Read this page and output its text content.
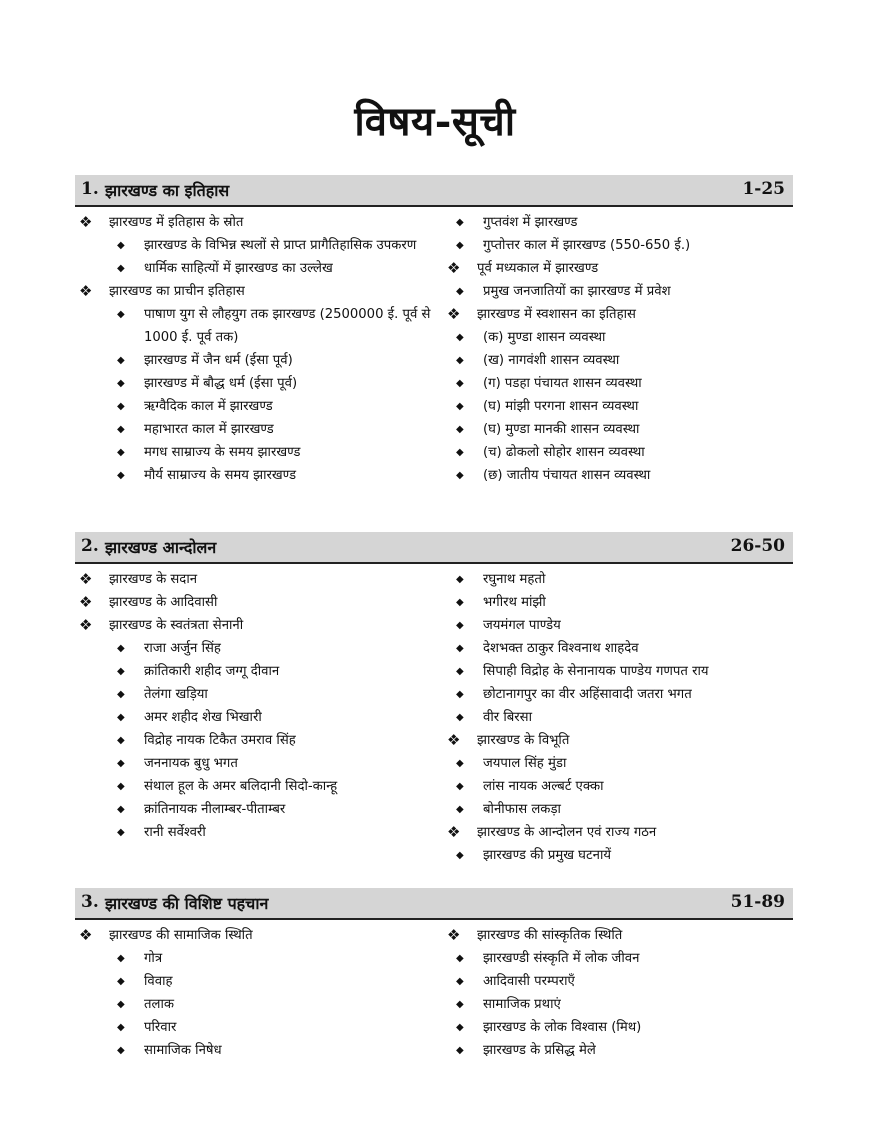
विषय-सूची
1. झारखण्ड का इतिहास	1-25
❖ झारखण्ड में इतिहास के स्रोत
◆ झारखण्ड के विभिन्न स्थलों से प्राप्त प्रागैतिहासिक उपकरण
◆ धार्मिक साहित्यों में झारखण्ड का उल्लेख
❖ झारखण्ड का प्राचीन इतिहास
◆ पाषाण युग से लौहयुग तक झारखण्ड (2500000 ई. पूर्व से 1000 ई. पूर्व तक)
◆ झारखण्ड में जैन धर्म (ईसा पूर्व)
◆ झारखण्ड में बौद्ध धर्म (ईसा पूर्व)
◆ ऋग्वैदिक काल में झारखण्ड
◆ महाभारत काल में झारखण्ड
◆ मगध साम्राज्य के समय झारखण्ड
◆ मौर्य साम्राज्य के समय झारखण्ड
◆ गुप्तवंश में झारखण्ड
◆ गुप्तोत्तर काल में झारखण्ड (550-650 ई.)
❖ पूर्व मध्यकाल में झारखण्ड
◆ प्रमुख जनजातियों का झारखण्ड में प्रवेश
❖ झारखण्ड में स्वशासन का इतिहास
◆ (क) मुण्डा शासन व्यवस्था
◆ (ख) नागवंशी शासन व्यवस्था
◆ (ग) पडहा पंचायत शासन व्यवस्था
◆ (घ) मांझी परगना शासन व्यवस्था
◆ (घ) मुण्डा मानकी शासन व्यवस्था
◆ (च) ढोकलो सोहोर शासन व्यवस्था
◆ (छ) जातीय पंचायत शासन व्यवस्था
2. झारखण्ड आन्दोलन	26-50
❖ झारखण्ड के सदान
❖ झारखण्ड के आदिवासी
❖ झारखण्ड के स्वतंत्रता सेनानी
◆ राजा अर्जुन सिंह
◆ क्रांतिकारी शहीद जग्गू दीवान
◆ तेलंगा खड़िया
◆ अमर शहीद शेख भिखारी
◆ विद्रोह नायक टिकैत उमराव सिंह
◆ जननायक बुधु भगत
◆ संथाल हूल के अमर बलिदानी सिदो-कान्हू
◆ क्रांतिनायक नीलाम्बर-पीताम्बर
◆ रानी सर्वेश्वरी
◆ रघुनाथ महतो
◆ भगीरथ मांझी
◆ जयमंगल पाण्डेय
◆ देशभक्त ठाकुर विश्वनाथ शाहदेव
◆ सिपाही विद्रोह के सेनानायक पाण्डेय गणपत राय
◆ छोटानागपुर का वीर अहिंसावादी जतरा भगत
◆ वीर बिरसा
❖ झारखण्ड के विभूति
◆ जयपाल सिंह मुंडा
◆ लांस नायक अल्बर्ट एक्का
◆ बोनीफास लकड़ा
❖ झारखण्ड के आन्दोलन एवं राज्य गठन
◆ झारखण्ड की प्रमुख घटनायें
3. झारखण्ड की विशिष्ट पहचान	51-89
❖ झारखण्ड की सामाजिक स्थिति
◆ गोत्र
◆ विवाह
◆ तलाक
◆ परिवार
◆ सामाजिक निषेध
❖ झारखण्ड की सांस्कृतिक स्थिति
◆ झारखण्डी संस्कृति में लोक जीवन
◆ आदिवासी परम्पराएँ
◆ सामाजिक प्रथाएं
◆ झारखण्ड के लोक विश्वास (मिथ)
◆ झारखण्ड के प्रसिद्ध मेले
